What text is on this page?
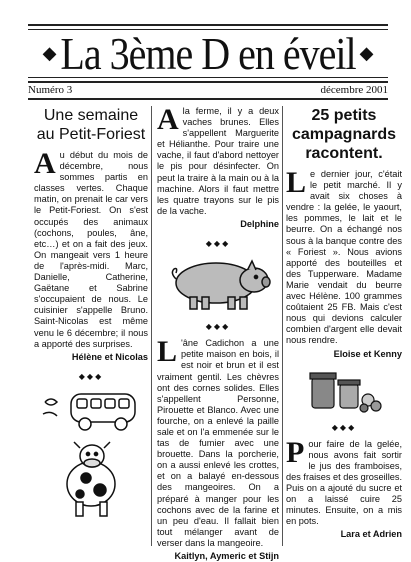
◆ La 3ème D en éveil ◆
Numéro 3	décembre 2001
Une semaine au Petit-Foriest

Au début du mois de décembre, nous sommes partis en classes vertes. Chaque matin, on prenait le car vers le Petit-Foriest. On s'est occupés des animaux (cochons, poules, âne, etc…) et on a fait des jeux. On mangeait vers 1 heure de l'après-midi. Marc, Danielle, Catherine, Gaëtane et Sabrine s'occupaient de nous. Le cuisinier s'appelle Bruno. Saint-Nicolas est même venu le 6 décembre; il nous a apporté des surprises.

Hélène et Nicolas
◆◆◆

Ala ferme, il y a deux vaches brunes. Elles s'appellent Marguerite et Hélianthe. Pour traire une vache, il faut d'abord nettoyer le pis pour désinfecter. On peut la traire à la main ou à la machine. Alors il faut mettre les quatre trayons sur le pis de la vache.

Delphine
◆◆◆
◆◆◆

L 'âne Cadichon a une petite maison en bois, il est noir et brun et il est vraiment gentil. Les chèvres ont des cornes solides. Elles s'appellent Personne, Pirouette et Blanco. Avec une fourche, on a enlevé la paille sale et on l'a emmenée sur le tas de fumier avec une brouette. Dans la porcherie, on a aussi enlevé les crottes, et on a balayé en-dessous des mangeoires. On a préparé à manger pour les cochons avec de la farine et un peu d'eau. Il fallait bien tout mélanger avant de verser dans la mangeoire.

Kaitlyn, Aymeric et Stijn
25 petits campagnards racontent.

Le dernier jour, c'était le petit marché. Il y avait six choses à vendre : la gelée, le yaourt, les pommes, le lait et le beurre. On a échangé nos sous à la banque contre des « Foriest ». Nous avions apporté des bouteilles et des Tupperware. Madame Marie vendait du beurre avec Hélène. 100 grammes coûtaient 25 FB. Mais c'est nous qui devions calculer combien d'argent elle devait nous rendre.

Eloise et Kenny
◆◆◆

Pour faire de la gelée, nous avons fait sortir le jus des framboises, des fraises et des groseilles. Puis on a ajouté du sucre et on a laissé cuire 25 minutes. Ensuite, on a mis en pots.

Lara et Adrien
